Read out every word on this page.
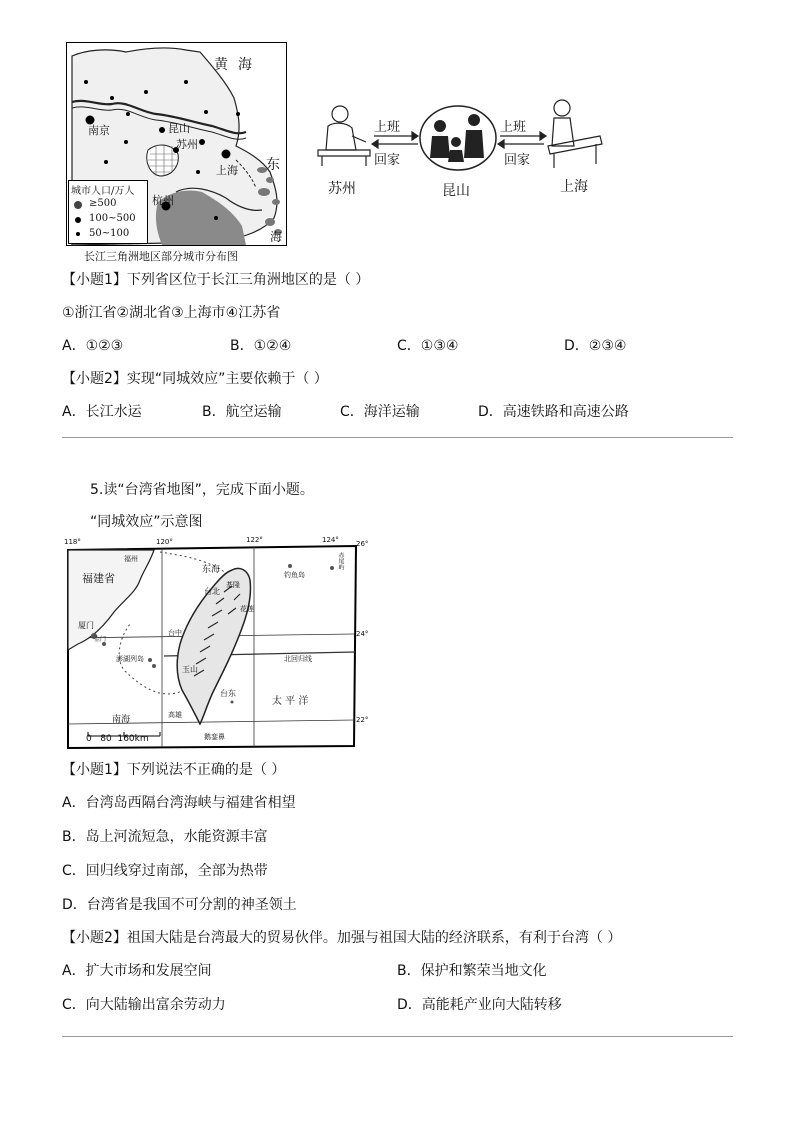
城市人口/万人
≥500
100~500
50~100
黄海
东
海
南京	昆山
苏州
上海
杭州
长江三角洲地区部分城市分布图
上班
回家
上班
回家
苏州	昆山	上海
【小题1】下列省区位于长江三角洲地区的是（ ）
①浙江省②湖北省③上海市④江苏省
A．①②③	B．①②④	C．①③④	D．②③④
【小题2】实现“同城效应”主要依赖于（ ）
A．长江水运	B．航空运输	C．海洋运输	D．高速铁路和高速公路
5.读“台湾省地图”，完成下面小题。
“同城效应”示意图
118°	120°	122°	124° 26°
24°
22°
福建省
福州
厦门
金门
澎湖列岛
东海
南海
太 平 洋
钓鱼岛
赤尾屿
台北
基隆
花莲
台中
玉山
台东
高雄
鹅銮鼻
北回归线
0   80  160km
【小题1】下列说法不正确的是（ ）
A．台湾岛西隔台湾海峡与福建省相望
B．岛上河流短急，水能资源丰富
C．回归线穿过南部，全部为热带
D．台湾省是我国不可分割的神圣领土
【小题2】祖国大陆是台湾最大的贸易伙伴。加强与祖国大陆的经济联系，有利于台湾（ ）
A．扩大市场和发展空间	B．保护和繁荣当地文化
C．向大陆输出富余劳动力	D．高能耗产业向大陆转移
